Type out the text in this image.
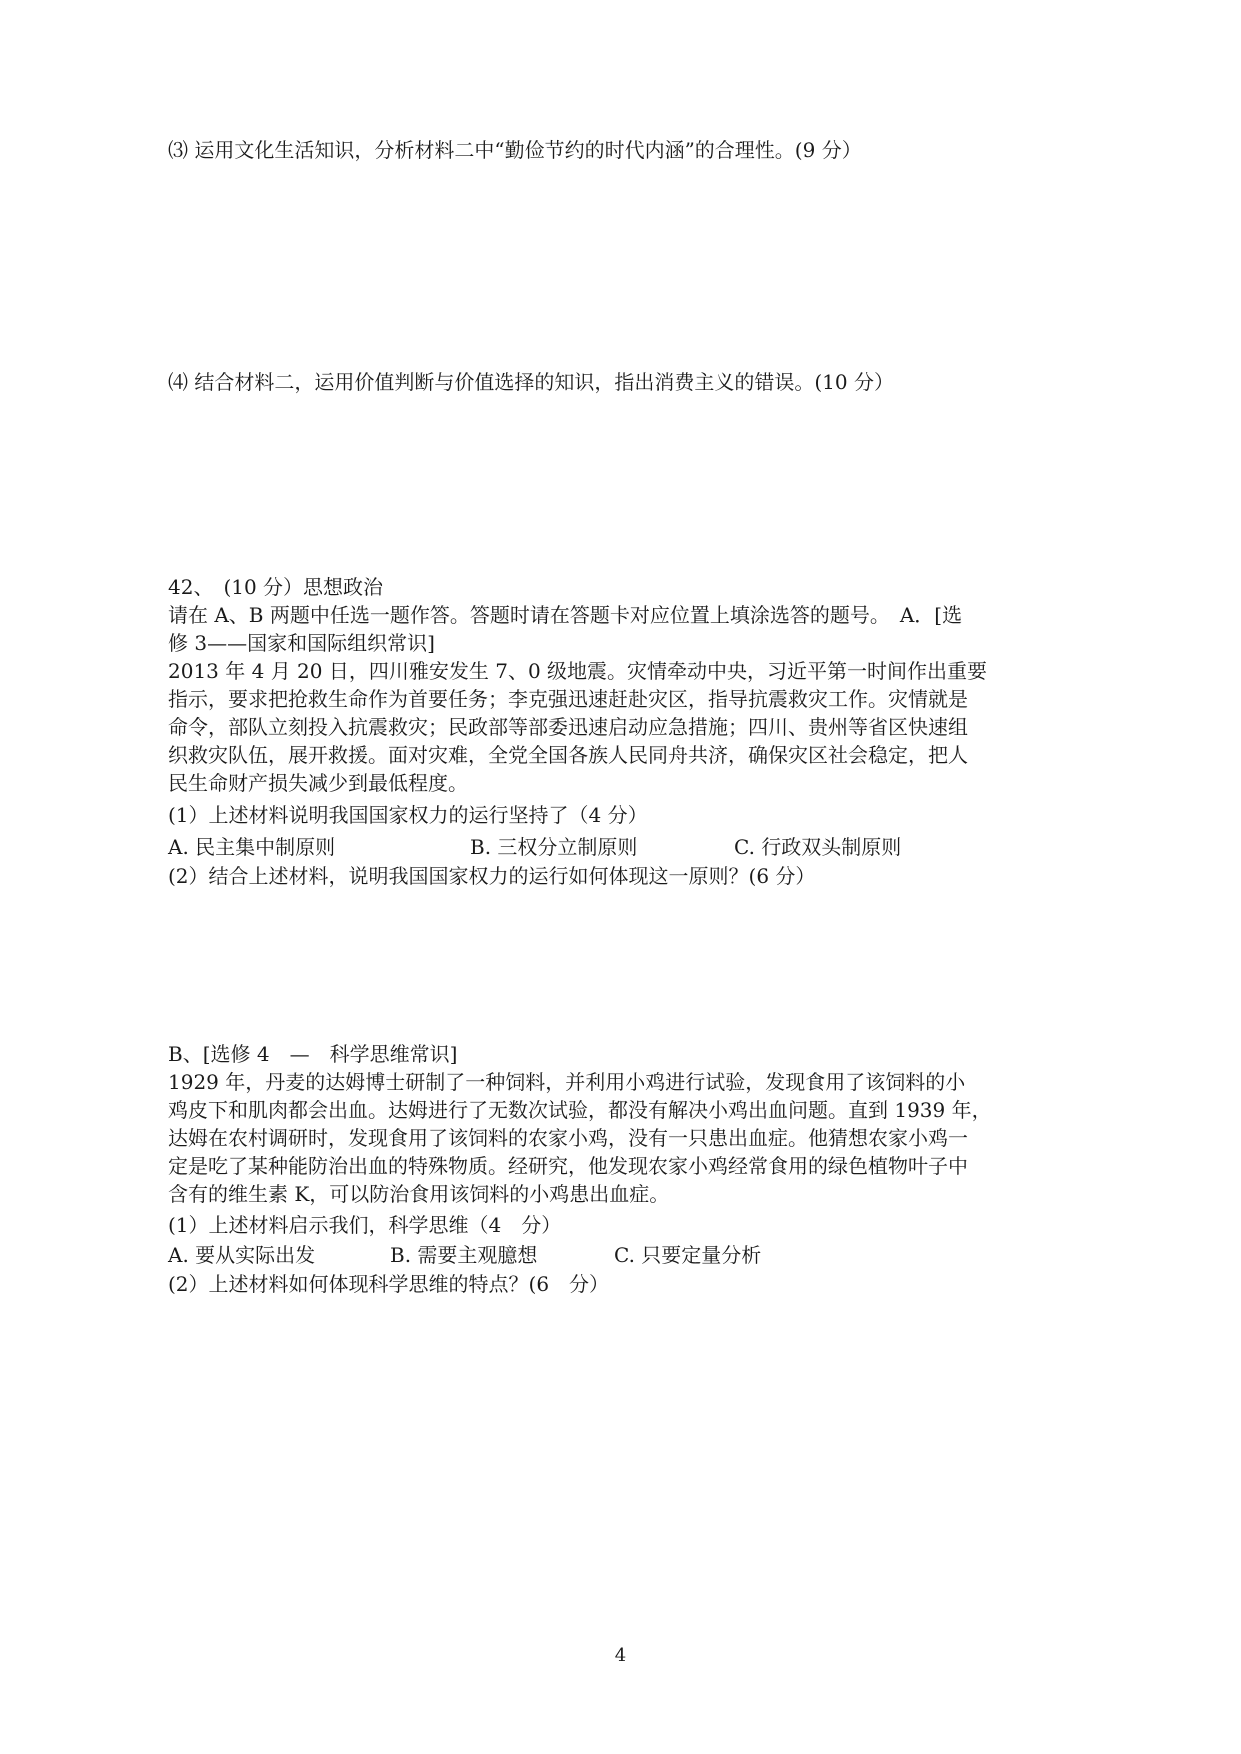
⑶ 运用文化生活知识，分析材料二中“勤俭节约的时代内涵”的合理性。(9 分）
⑷ 结合材料二，运用价值判断与价值选择的知识，指出消费主义的错误。(10 分）
42、　(10 分）思想政治
请在 A、B 两题中任选一题作答。答题时请在答题卡对应位置上填涂选答的题号。　A．[选
修 3——国家和国际组织常识]
2013 年 4 月 20 日，四川雅安发生 7、0 级地震。灾情牵动中央，习近平第一时间作出重要
指示，要求把抢救生命作为首要任务；李克强迅速赶赴灾区，指导抗震救灾工作。灾情就是
命令，部队立刻投入抗震救灾；民政部等部委迅速启动应急措施；四川、贵州等省区快速组
织救灾队伍，展开救援。面对灾难，全党全国各族人民同舟共济，确保灾区社会稳定，把人
民生命财产损失减少到最低程度。
(1）上述材料说明我国国家权力的运行坚持了（4 分）
A. 民主集中制原则	B. 三权分立制原则	C. 行政双头制原则
(2）结合上述材料，说明我国国家权力的运行如何体现这一原则？(6 分）
B、[选修 4　—　科学思维常识]
1929 年，丹麦的达姆博士研制了一种饲料，并利用小鸡进行试验，发现食用了该饲料的小
鸡皮下和肌肉都会出血。达姆进行了无数次试验，都没有解决小鸡出血问题。直到 1939 年，
达姆在农村调研时，发现食用了该饲料的农家小鸡，没有一只患出血症。他猜想农家小鸡一
定是吃了某种能防治出血的特殊物质。经研究，他发现农家小鸡经常食用的绿色植物叶子中
含有的维生素 K，可以防治食用该饲料的小鸡患出血症。
(1）上述材料启示我们，科学思维（4　分）
A. 要从实际出发	B. 需要主观臆想	C. 只要定量分析
(2）上述材料如何体现科学思维的特点？(6　分）
4
